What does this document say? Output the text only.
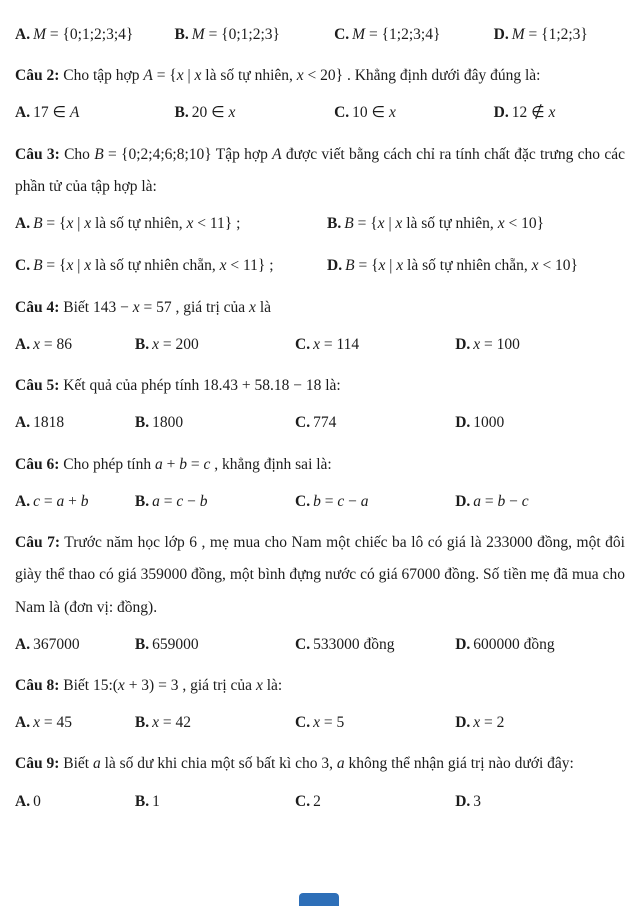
A. M = {0;1;2;3;4}	B. M = {0;1;2;3}	C. M = {1;2;3;4}	D. M = {1;2;3}

Câu 2: Cho tập hợp A = {x | x là số tự nhiên, x < 20} . Khẳng định dưới đây đúng là:

A. 17 ∈ A	B. 20 ∈ x	C. 10 ∈ x	D. 12 ∉ x

Câu 3: Cho B = {0;2;4;6;8;10} Tập hợp A được viết bằng cách chỉ ra tính chất đặc trưng cho các phần tử của tập hợp là:

A. B = {x | x là số tự nhiên, x < 11} ;	B. B = {x | x là số tự nhiên, x < 10}
C. B = {x | x là số tự nhiên chẵn, x < 11} ;	D. B = {x | x là số tự nhiên chẵn, x < 10}

Câu 4: Biết 143 − x = 57 , giá trị của x là

A. x = 86	B. x = 200	C. x = 114	D. x = 100

Câu 5: Kết quả của phép tính 18.43 + 58.18 − 18 là:

A. 1818	B. 1800	C. 774	D. 1000

Câu 6: Cho phép tính a + b = c , khẳng định sai là:

A. c = a + b	B. a = c − b	C. b = c − a	D. a = b − c

Câu 7: Trước năm học lớp 6 , mẹ mua cho Nam một chiếc ba lô có giá là 233000 đồng, một đôi giày thể thao có giá 359000 đồng, một bình đựng nước có giá 67000 đồng. Số tiền mẹ đã mua cho Nam là (đơn vị: đồng).

A. 367000	B. 659000	C. 533000 đồng	D. 600000 đồng

Câu 8: Biết 15:(x + 3) = 3 , giá trị của x là:

A. x = 45	B. x = 42	C. x = 5	D. x = 2

Câu 9: Biết a là số dư khi chia một số bất kì cho 3, a không thể nhận giá trị nào dưới đây:

A. 0	B. 1	C. 2	D. 3
